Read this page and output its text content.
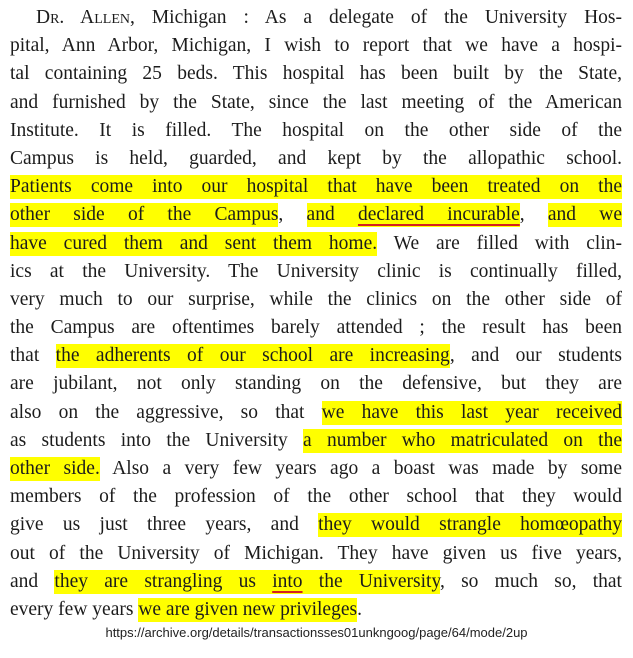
Dr. Allen, Michigan : As a delegate of the University Hos-
pital, Ann Arbor, Michigan, I wish to report that we have a hospi-
tal containing 25 beds. This hospital has been built by the State,
and furnished by the State, since the last meeting of the American
Institute. It is filled. The hospital on the other side of the
Campus is held, guarded, and kept by the allopathic school.
Patients come into our hospital that have been treated on the
other side of the Campus, and declared incurable, and we
have cured them and sent them home. We are filled with clin-
ics at the University. The University clinic is continually filled,
very much to our surprise, while the clinics on the other side of
the Campus are oftentimes barely attended ; the result has been
that the adherents of our school are increasing, and our students
are jubilant, not only standing on the defensive, but they are
also on the aggressive, so that we have this last year received
as students into the University a number who matriculated on the
other side. Also a very few years ago a boast was made by some
members of the profession of the other school that they would
give us just three years, and they would strangle homœopathy
out of the University of Michigan. They have given us five years,
and they are strangling us into the University, so much so, that
every few years we are given new privileges.
https://archive.org/details/transactionsses01unkngoog/page/64/mode/2up
